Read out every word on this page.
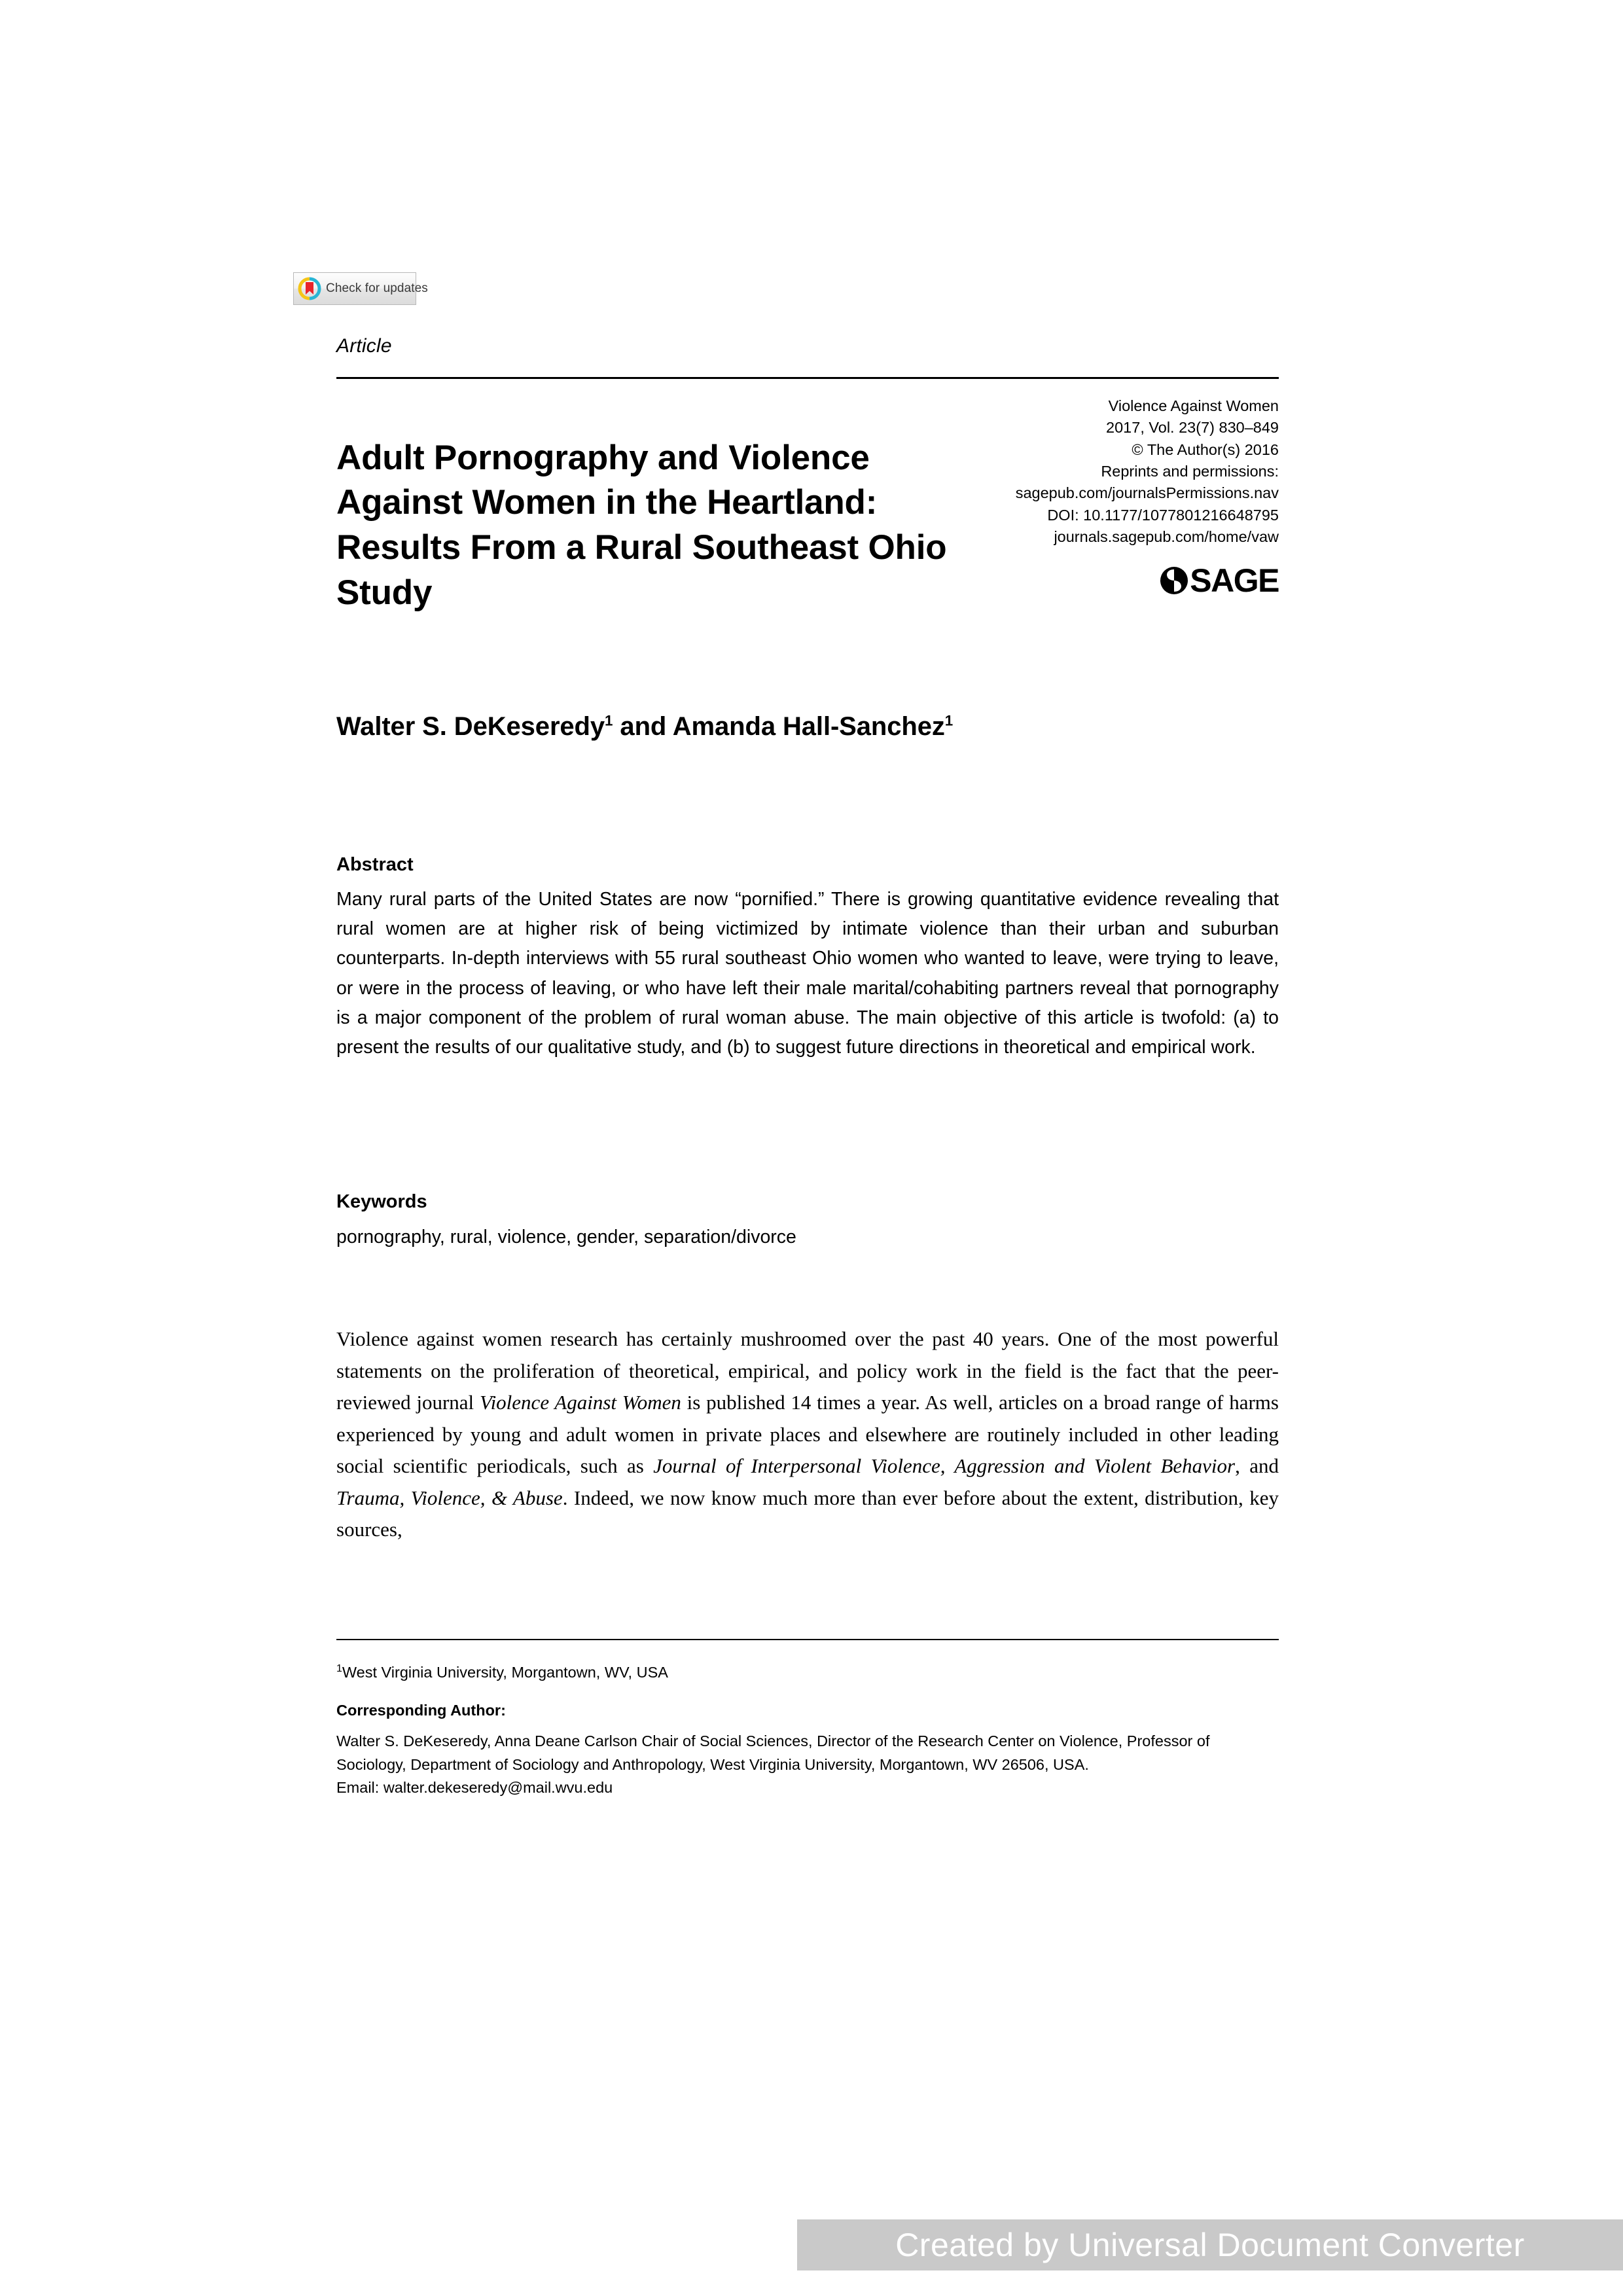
Check for updates
Article
Adult Pornography and Violence Against Women in the Heartland: Results From a Rural Southeast Ohio Study
Violence Against Women
2017, Vol. 23(7) 830–849
© The Author(s) 2016
Reprints and permissions:
sagepub.com/journalsPermissions.nav
DOI: 10.1177/1077801216648795
journals.sagepub.com/home/vaw
SAGE
Walter S. DeKeseredy$^1$ and Amanda Hall-Sanchez$^1$
Abstract
Many rural parts of the United States are now “pornified.” There is growing quantitative evidence revealing that rural women are at higher risk of being victimized by intimate violence than their urban and suburban counterparts. In-depth interviews with 55 rural southeast Ohio women who wanted to leave, were trying to leave, or were in the process of leaving, or who have left their male marital/cohabiting partners reveal that pornography is a major component of the problem of rural woman abuse. The main objective of this article is twofold: (a) to present the results of our qualitative study, and (b) to suggest future directions in theoretical and empirical work.
Keywords
pornography, rural, violence, gender, separation/divorce
Violence against women research has certainly mushroomed over the past 40 years. One of the most powerful statements on the proliferation of theoretical, empirical, and policy work in the field is the fact that the peer-reviewed journal Violence Against Women is published 14 times a year. As well, articles on a broad range of harms experienced by young and adult women in private places and elsewhere are routinely included in other leading social scientific periodicals, such as Journal of Interpersonal Violence, Aggression and Violent Behavior, and Trauma, Violence, & Abuse. Indeed, we now know much more than ever before about the extent, distribution, key sources,
$^1$West Virginia University, Morgantown, WV, USA
Corresponding Author:
Walter S. DeKeseredy, Anna Deane Carlson Chair of Social Sciences, Director of the Research Center on Violence, Professor of Sociology, Department of Sociology and Anthropology, West Virginia University, Morgantown, WV 26506, USA.
Email: walter.dekeseredy@mail.wvu.edu
Created by Universal Document Converter
